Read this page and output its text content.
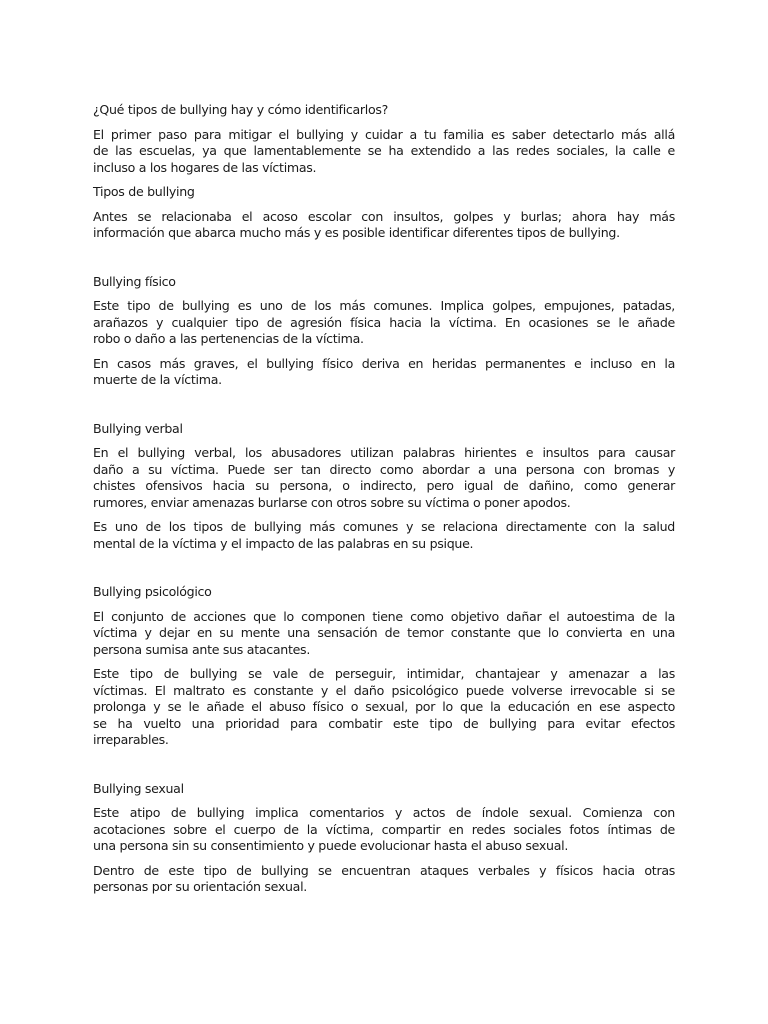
¿Qué tipos de bullying hay y cómo identificarlos?

El primer paso para mitigar el bullying y cuidar a tu familia es saber detectarlo más allá
de las escuelas, ya que lamentablemente se ha extendido a las redes sociales, la calle e
incluso a los hogares de las víctimas.

Tipos de bullying

Antes se relacionaba el acoso escolar con insultos, golpes y burlas; ahora hay más
información que abarca mucho más y es posible identificar diferentes tipos de bullying.

Bullying físico

Este tipo de bullying es uno de los más comunes. Implica golpes, empujones, patadas,
arañazos y cualquier tipo de agresión física hacia la víctima. En ocasiones se le añade
robo o daño a las pertenencias de la víctima.

En casos más graves, el bullying físico deriva en heridas permanentes e incluso en la
muerte de la víctima.

Bullying verbal

En el bullying verbal, los abusadores utilizan palabras hirientes e insultos para causar
daño a su víctima. Puede ser tan directo como abordar a una persona con bromas y
chistes ofensivos hacia su persona, o indirecto, pero igual de dañino, como generar
rumores, enviar amenazas burlarse con otros sobre su víctima o poner apodos.

Es uno de los tipos de bullying más comunes y se relaciona directamente con la salud
mental de la víctima y el impacto de las palabras en su psique.

Bullying psicológico

El conjunto de acciones que lo componen tiene como objetivo dañar el autoestima de la
víctima y dejar en su mente una sensación de temor constante que lo convierta en una
persona sumisa ante sus atacantes.

Este tipo de bullying se vale de perseguir, intimidar, chantajear y amenazar a las
víctimas. El maltrato es constante y el daño psicológico puede volverse irrevocable si se
prolonga y se le añade el abuso físico o sexual, por lo que la educación en ese aspecto
se ha vuelto una prioridad para combatir este tipo de bullying para evitar efectos
irreparables.

Bullying sexual

Este atipo de bullying implica comentarios y actos de índole sexual. Comienza con
acotaciones sobre el cuerpo de la víctima, compartir en redes sociales fotos íntimas de
una persona sin su consentimiento y puede evolucionar hasta el abuso sexual.

Dentro de este tipo de bullying se encuentran ataques verbales y físicos hacia otras
personas por su orientación sexual.
